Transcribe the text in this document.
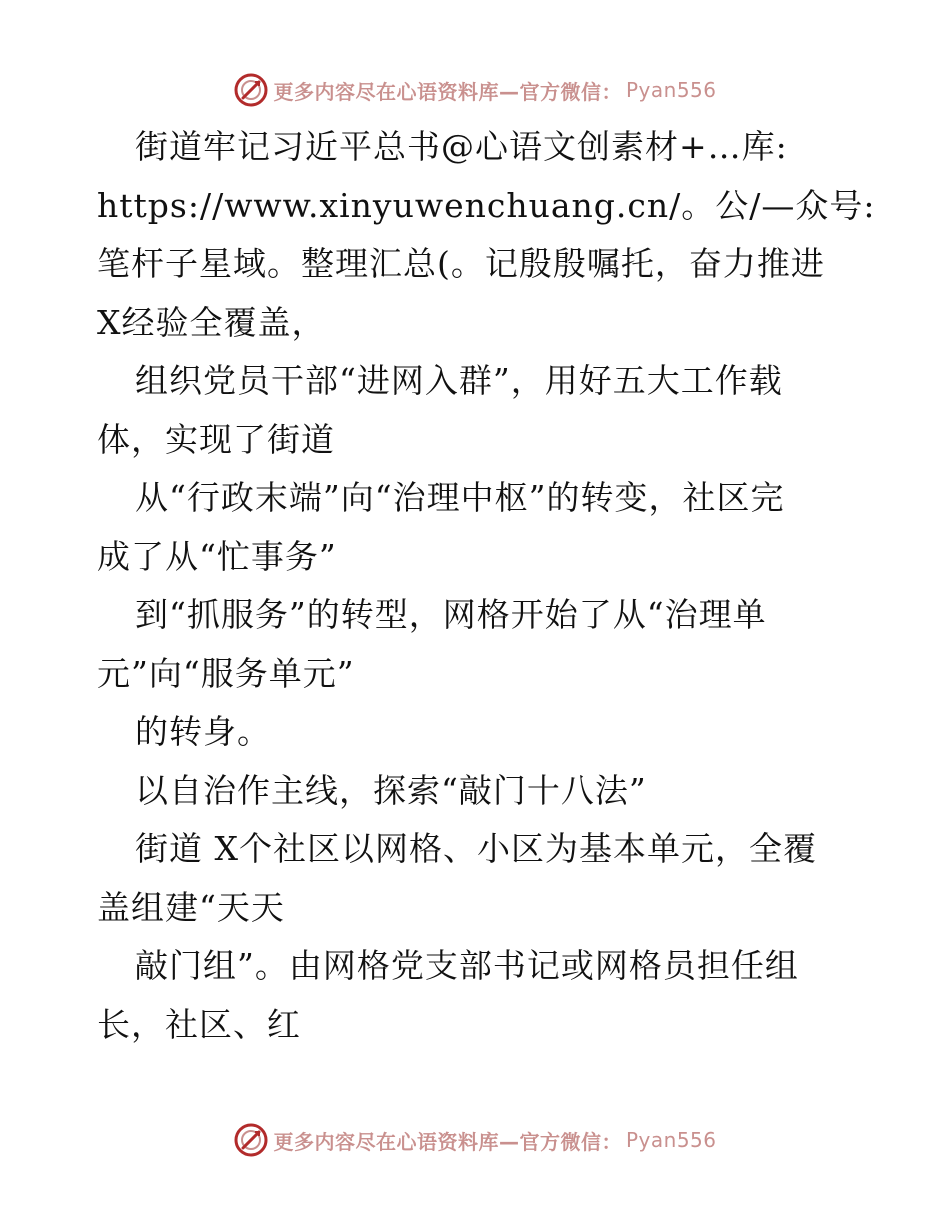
更多内容尽在心语资料库—官方微信： Pyan556
街道牢记习近平总书@心语文创素材+…库:
https://www.xinyuwenchuang.cn/。公/—众号:
笔杆子星域。整理汇总(。记殷殷嘱托，奋力推进
X经验全覆盖，
组织党员干部“进网入群”，用好五大工作载
体，实现了街道
从“行政末端”向“治理中枢”的转变，社区完
成了从“忙事务”
到“抓服务”的转型，网格开始了从“治理单
元”向“服务单元”
的转身。
以自治作主线，探索“敲门十八法”
街道 X个社区以网格、小区为基本单元，全覆
盖组建“天天
敲门组”。由网格党支部书记或网格员担任组
长，社区、红
更多内容尽在心语资料库—官方微信： Pyan556
